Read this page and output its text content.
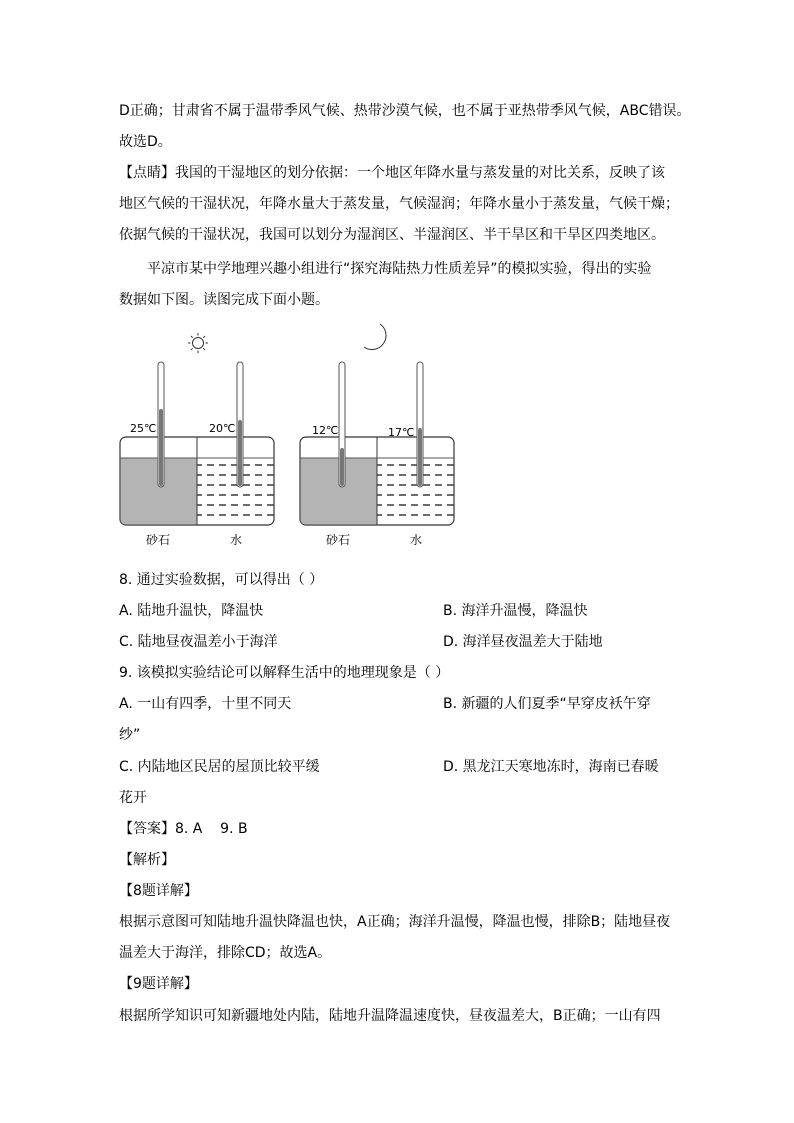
D正确；甘肃省不属于温带季风气候、热带沙漠气候，也不属于亚热带季风气候，ABC错误。
故选D。
【点睛】我国的干湿地区的划分依据：一个地区年降水量与蒸发量的对比关系，反映了该
地区气候的干湿状况，年降水量大于蒸发量，气候湿润；年降水量小于蒸发量，气候干燥；
依据气候的干湿状况，我国可以划分为湿润区、半湿润区、半干旱区和干旱区四类地区。
平凉市某中学地理兴趣小组进行“探究海陆热力性质差异”的模拟实验，得出的实验
数据如下图。读图完成下面小题。
25℃	20℃
砂石	水
12℃	17℃
砂石	水
8. 通过实验数据，可以得出（ ）
A. 陆地升温快，降温快	B. 海洋升温慢，降温快
C. 陆地昼夜温差小于海洋	D. 海洋昼夜温差大于陆地
9. 该模拟实验结论可以解释生活中的地理现象是（ ）
A. 一山有四季，十里不同天	B. 新疆的人们夏季“早穿皮袄午穿
纱”
C. 内陆地区民居的屋顶比较平缓	D. 黑龙江天寒地冻时，海南已春暖
花开
【答案】8. A    9. B
【解析】
【8题详解】
根据示意图可知陆地升温快降温也快，A正确；海洋升温慢，降温也慢，排除B；陆地昼夜
温差大于海洋，排除CD；故选A。
【9题详解】
根据所学知识可知新疆地处内陆，陆地升温降温速度快，昼夜温差大，B正确；一山有四
